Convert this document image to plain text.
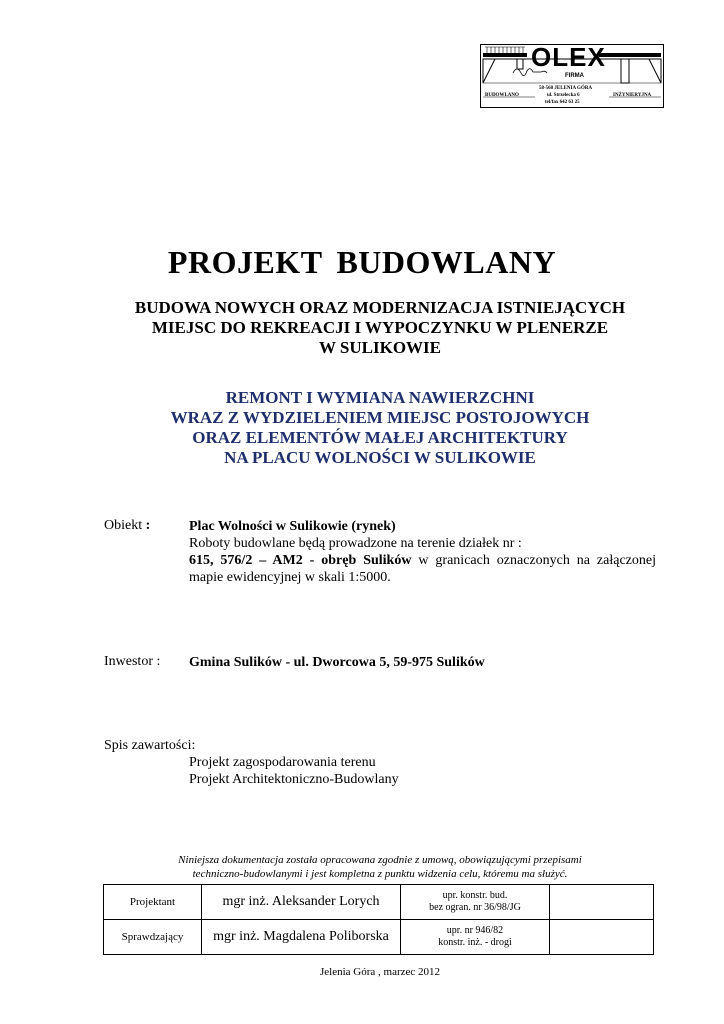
OLEX
FIRMA
BUDOWLANO	INŻYNIERYJNA
58-560 JELENIA GÓRA
ul. Strzelecka 6
tel/fax 642 63 25
PROJEKT BUDOWLANY
BUDOWA NOWYCH ORAZ MODERNIZACJA ISTNIEJĄCYCH
MIEJSC DO REKREACJI I WYPOCZYNKU W PLENERZE
W SULIKOWIE
REMONT I WYMIANA NAWIERZCHNI
WRAZ Z WYDZIELENIEM MIEJSC POSTOJOWYCH
ORAZ ELEMENTÓW MAŁEJ ARCHITEKTURY
NA PLACU WOLNOŚCI W SULIKOWIE
Obiekt :	Plac Wolności w Sulikowie (rynek)
Roboty budowlane będą prowadzone na terenie działek nr :
615, 576/2 – AM2 - obręb Sulików w granicach oznaczonych na załączonej
mapie ewidencyjnej w skali 1:5000.
Inwestor : Gmina Sulików - ul. Dworcowa 5, 59-975 Sulików
Spis zawartości:
Projekt zagospodarowania terenu
Projekt Architektoniczno-Budowlany
Niniejsza dokumentacja została opracowana zgodnie z umową, obowiązującymi przepisami
techniczno-budowlanymi i jest kompletna z punktu widzenia celu, któremu ma służyć.
Projektant	mgr inż. Aleksander Lorych	upr. konstr. bud.
bez ogran. nr 36/98/JG	

Sprawdzający	mgr inż. Magdalena Poliborska	upr. nr 946/82
konstr. inż. - drogi	

Jelenia Góra , marzec 2012
